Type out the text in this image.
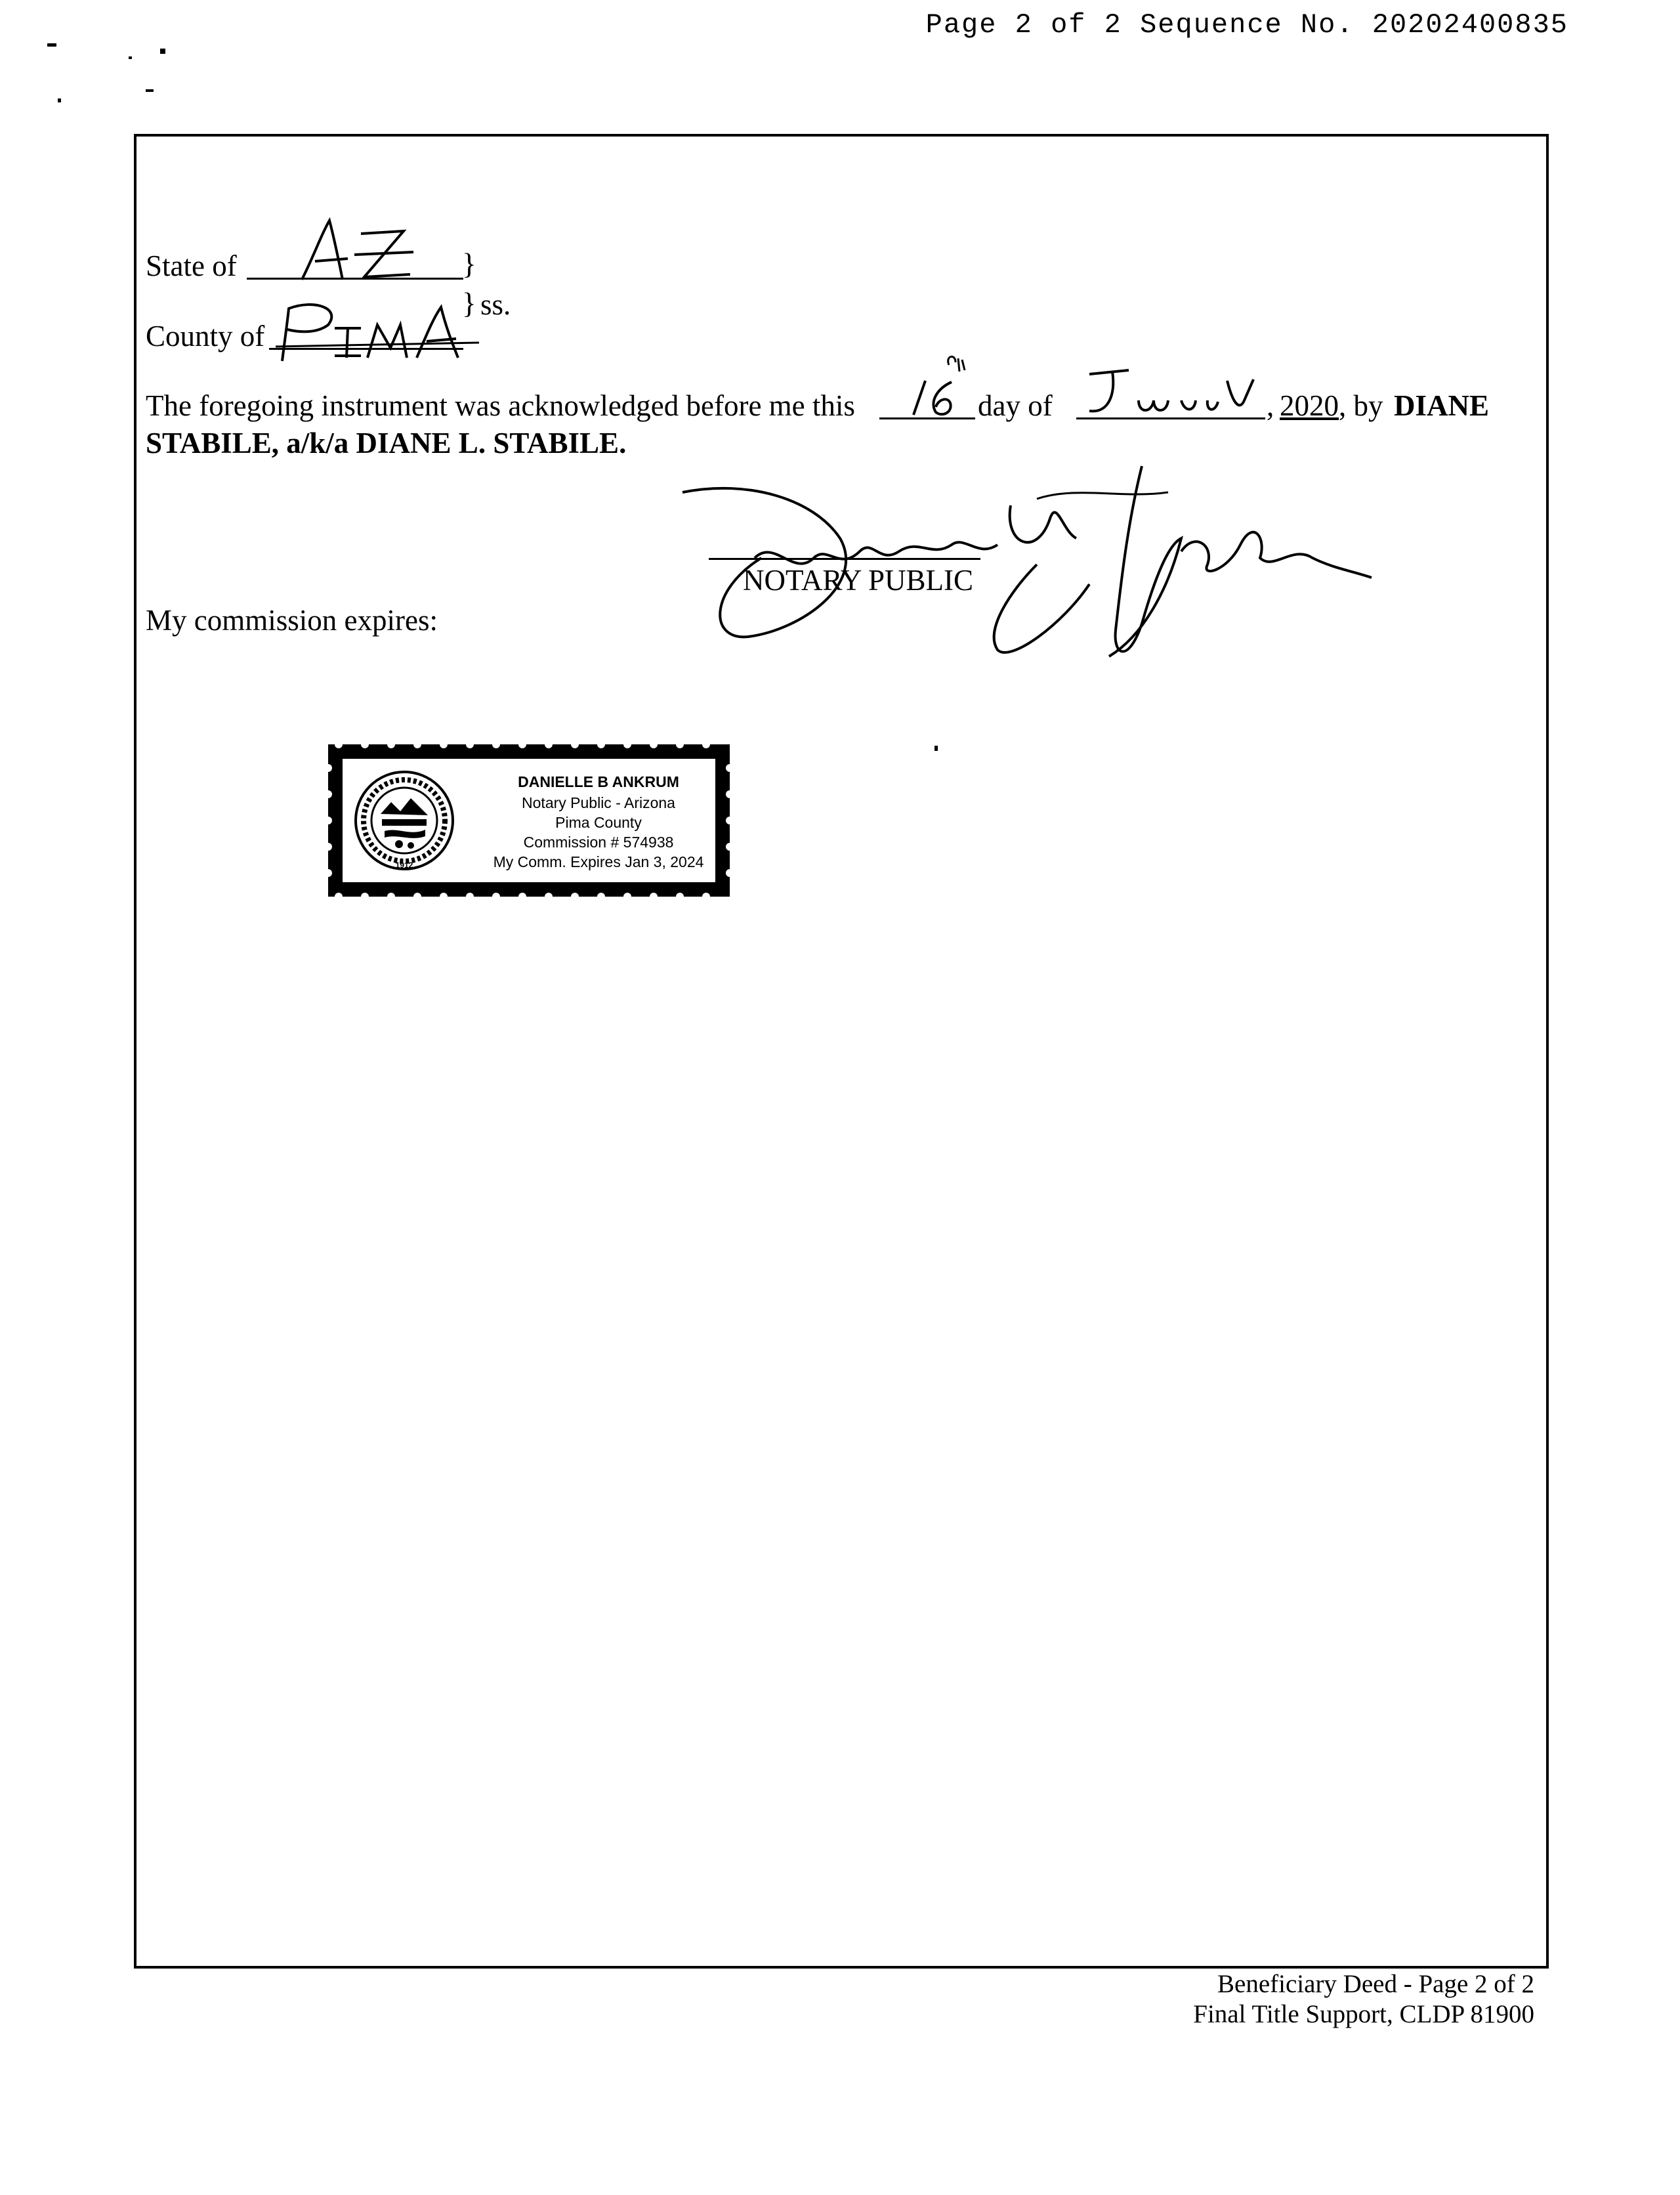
Page 2 of 2 Sequence No. 20202400835
State of	}
} ss.
County of
The foregoing instrument was acknowledged before me this	day of	, 2020 , by DIANE
STABILE, a/k/a DIANE L. STABILE.
NOTARY PUBLIC
My commission expires:
1912
DANIELLE B ANKRUM
Notary Public - Arizona
Pima County
Commission # 574938
My Comm. Expires Jan 3, 2024
Beneficiary Deed - Page 2 of 2
Final Title Support, CLDP 81900
